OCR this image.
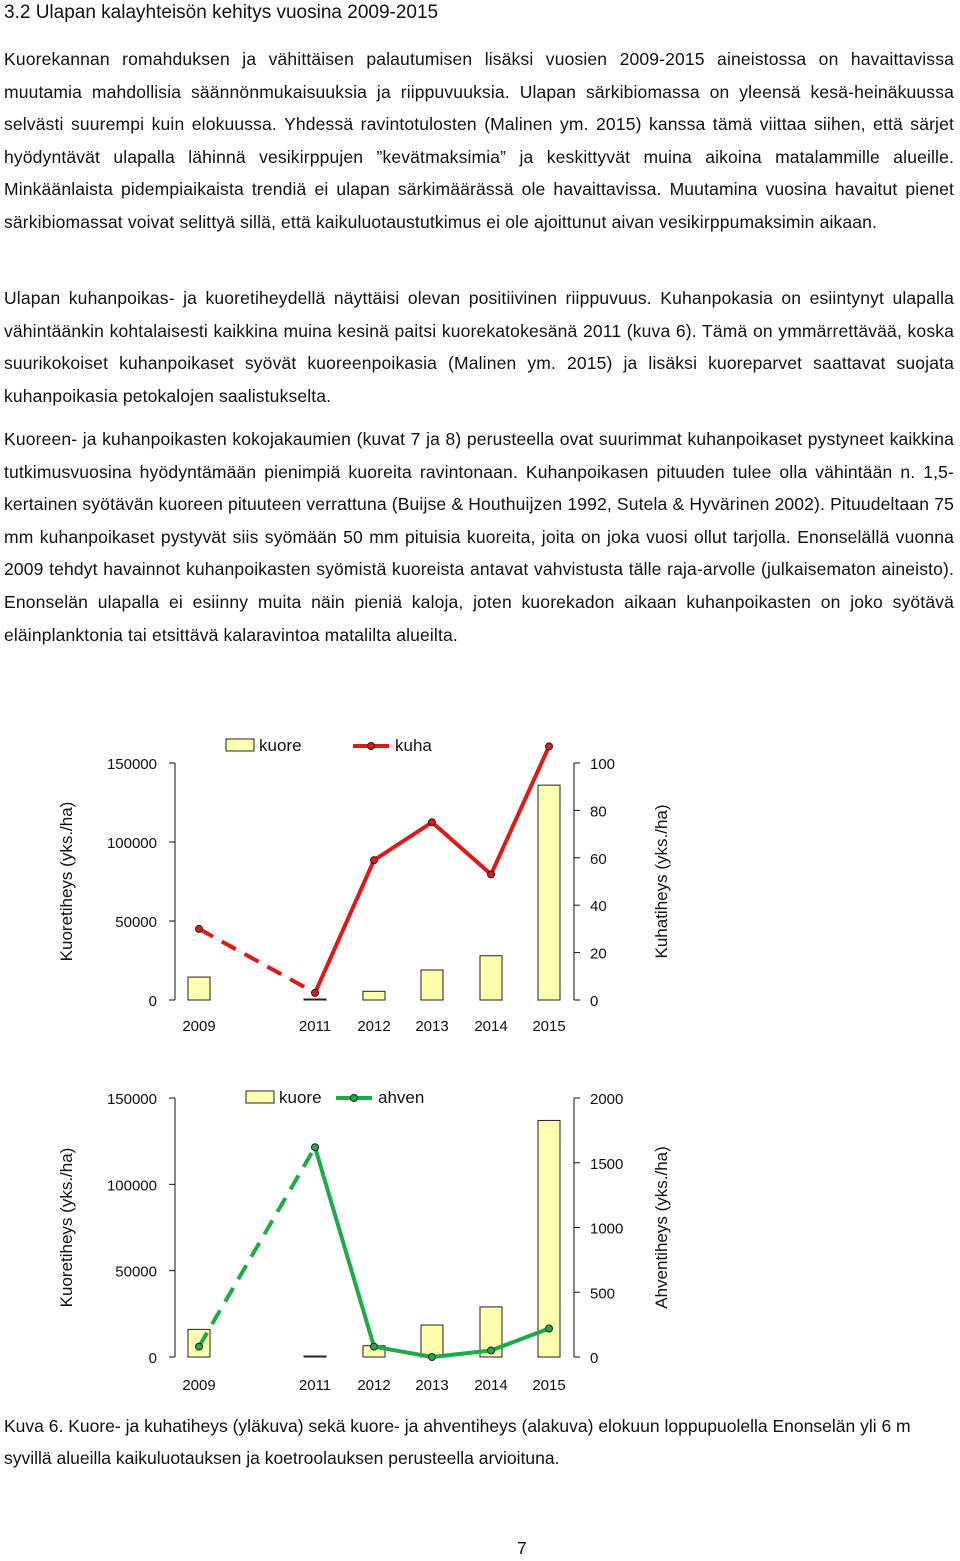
3.2 Ulapan kalayhteisön kehitys vuosina 2009-2015

Kuorekannan romahduksen ja vähittäisen palautumisen lisäksi vuosien 2009-2015 aineistossa on havaittavissa muutamia mahdollisia säännönmukaisuuksia ja riippuvuuksia. Ulapan särkibiomassa on yleensä kesä-heinäkuussa selvästi suurempi kuin elokuussa. Yhdessä ravintotulosten (Malinen ym. 2015) kanssa tämä viittaa siihen, että särjet hyödyntävät ulapalla lähinnä vesikirppujen ”kevätmaksimia” ja keskittyvät muina aikoina matalammille alueille. Minkäänlaista pidempiaikaista trendiä ei ulapan särkimäärässä ole havaittavissa. Muutamina vuosina havaitut pienet särkibiomassat voivat selittyä sillä, että kaikuluotaustutkimus ei ole ajoittunut aivan vesikirppumaksimin aikaan.

Ulapan kuhanpoikas- ja kuoretiheydellä näyttäisi olevan positiivinen riippuvuus. Kuhanpokasia on esiintynyt ulapalla vähintäänkin kohtalaisesti kaikkina muina kesinä paitsi kuorekatokesänä 2011 (kuva 6). Tämä on ymmärrettävää, koska suurikokoiset kuhanpoikaset syövät kuoreenpoikasia (Malinen ym. 2015) ja lisäksi kuoreparvet saattavat suojata kuhanpoikasia petokalojen saalistukselta.

Kuoreen- ja kuhanpoikasten kokojakaumien (kuvat 7 ja 8) perusteella ovat suurimmat kuhanpoikaset pystyneet kaikkina tutkimusvuosina hyödyntämään pienimpiä kuoreita ravintonaan. Kuhanpoikasen pituuden tulee olla vähintään n. 1,5-kertainen syötävän kuoreen pituuteen verrattuna (Buijse & Houthuijzen 1992, Sutela & Hyvärinen 2002). Pituudeltaan 75 mm kuhanpoikaset pystyvät siis syömään 50 mm pituisia kuoreita, joita on joka vuosi ollut tarjolla. Enonselällä vuonna 2009 tehdyt havainnot kuhanpoikasten syömistä kuoreista antavat vahvistusta tälle raja-arvolle (julkaisematon aineisto). Enonselän ulapalla ei esiinny muita näin pieniä kaloja, joten kuorekadon aikaan kuhanpoikasten on joko syötävä eläinplanktonia tai etsittävä kalaravintoa matalilta alueilta.

0
50000
100000
150000
0
20
40
60
80
100
Kuoretiheys (yks./ha)	Kuhatiheys (yks./ha)
2009	2011 2012 2013 2014 2015
kuore	kuha
0
50000
100000
150000
0
500
1000
1500
2000
Kuoretiheys (yks./ha)	Ahventiheys (yks./ha)
2009	2011 2012 2013 2014 2015
kuore	ahven

Kuva 6. Kuore- ja kuhatiheys (yläkuva) sekä kuore- ja ahventiheys (alakuva) elokuun loppupuolella Enonselän yli 6 m syvillä alueilla kaikuluotauksen ja koetroolauksen perusteella arvioituna.

7
